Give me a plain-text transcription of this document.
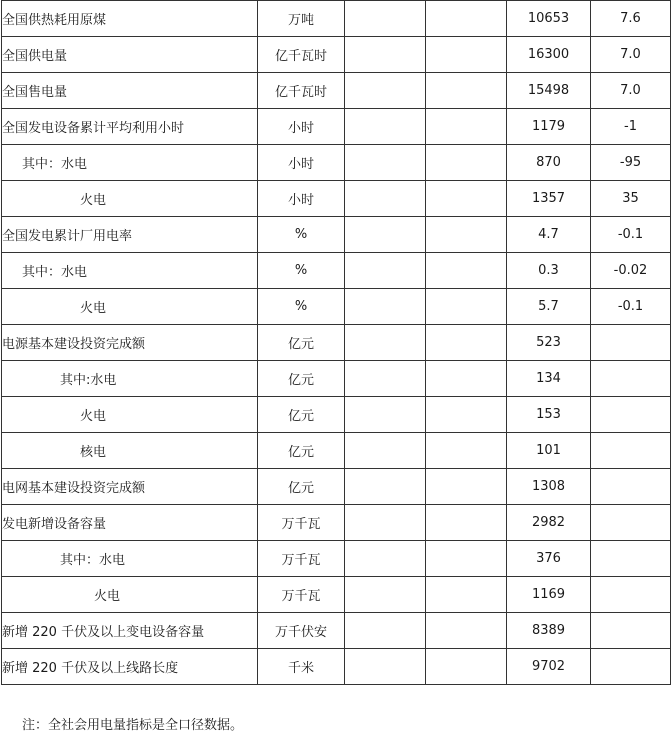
全国供热耗用原煤	万吨			10653	7.6
全国供电量	亿千瓦时			16300	7.0
全国售电量	亿千瓦时			15498	7.0
全国发电设备累计平均利用小时	小时			1179	-1
其中：水电	小时			870	-95
火电	小时			1357	35
全国发电累计厂用电率	%			4.7	-0.1
其中：水电	%			0.3	-0.02
火电	%			5.7	-0.1
电源基本建设投资完成额	亿元			523	
其中:水电	亿元			134	
火电	亿元			153	
核电	亿元			101	
电网基本建设投资完成额	亿元			1308	
发电新增设备容量	万千瓦			2982	
其中：水电	万千瓦			376	
火电	万千瓦			1169	
新增 220 千伏及以上变电设备容量	万千伏安			8389	
新增 220 千伏及以上线路长度	千米			9702	
注：全社会用电量指标是全口径数据。
